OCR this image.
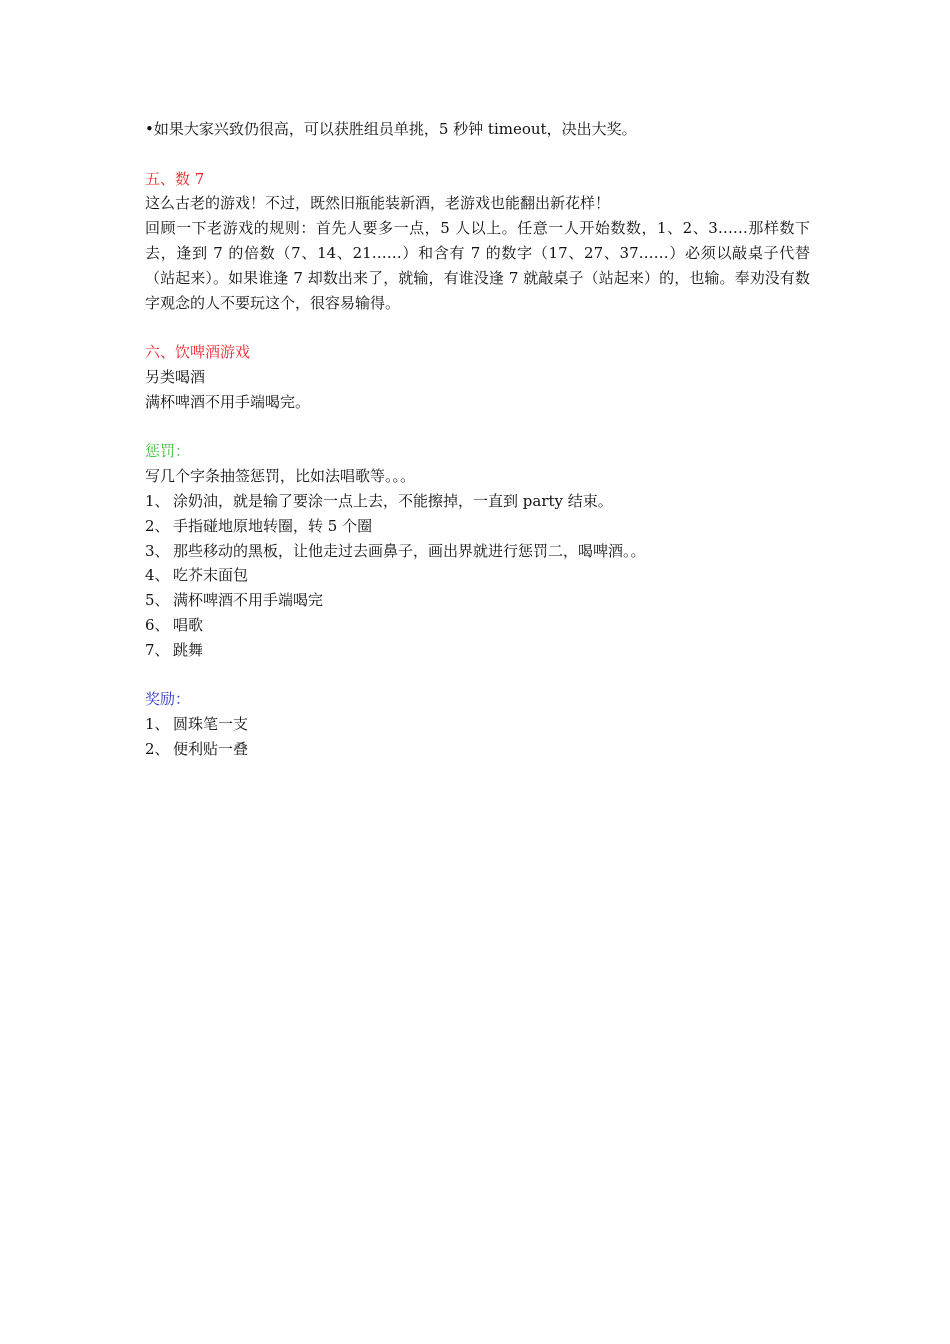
•如果大家兴致仍很高，可以获胜组员单挑，5 秒钟 timeout，决出大奖。
五、数 7
这么古老的游戏！不过，既然旧瓶能装新酒，老游戏也能翻出新花样！
回顾一下老游戏的规则：首先人要多一点，5 人以上。任意一人开始数数，1、2、3……那样数下去，逢到 7 的倍数（7、14、21……）和含有 7 的数字（17、27、37……）必须以敲桌子代替（站起来）。如果谁逢 7 却数出来了，就输，有谁没逢 7 就敲桌子（站起来）的，也输。奉劝没有数字观念的人不要玩这个，很容易输得。
六、饮啤酒游戏
另类喝酒
满杯啤酒不用手端喝完。
惩罚：
写几个字条抽签惩罚，比如法唱歌等。。。
1、 涂奶油，就是输了要涂一点上去，不能擦掉，一直到 party 结束。
2、 手指碰地原地转圈，转 5 个圈
3、 那些移动的黑板，让他走过去画鼻子，画出界就进行惩罚二，喝啤酒。。
4、 吃芥末面包
5、 满杯啤酒不用手端喝完
6、 唱歌
7、 跳舞
奖励：
1、 圆珠笔一支
2、 便利贴一叠
